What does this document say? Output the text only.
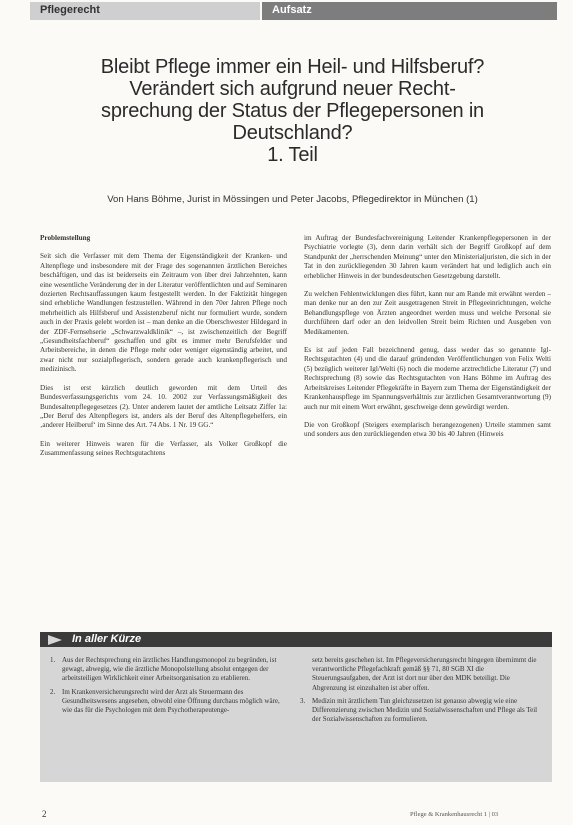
Pflegerecht	Aufsatz
Bleibt Pflege immer ein Heil- und Hilfsberuf?
Verändert sich aufgrund neuer Recht-
sprechung der Status der Pflegepersonen in
Deutschland?
1. Teil
Von Hans Böhme, Jurist in Mössingen und Peter Jacobs, Pflegedirektor in München (1)
Problemstellung

Seit sich die Verfasser mit dem Thema der Eigenständigkeit der Kranken- und Altenpflege und insbesondere mit der Frage des sogenannten ärztlichen Bereiches beschäftigen, und das ist beiderseits ein Zeitraum von über drei Jahrzehnten, kann eine wesentliche Veränderung der in der Literatur veröffentlichten und auf Seminaren dozierten Rechtsauffassungen kaum festgestellt werden. In der Faktizität hingegen sind erhebliche Wandlungen festzustellen. Während in den 70er Jahren Pflege noch mehrheitlich als Hilfsberuf und Assistenzberuf nicht nur formuliert wurde, sondern auch in der Praxis gelebt worden ist – man denke an die Oberschwester Hildegard in der ZDF-Fernsehserie „Schwarzwaldklinik“ –, ist zwischenzeitlich der Begriff „Gesundheitsfachberuf“ geschaffen und gibt es immer mehr Berufsfelder und Arbeitsbereiche, in denen die Pflege mehr oder weniger eigenständig arbeitet, und zwar nicht nur sozialpflegerisch, sondern gerade auch krankenpflegerisch und medizinisch.

Dies ist erst kürzlich deutlich geworden mit dem Urteil des Bundesverfassungsgerichts vom 24. 10. 2002 zur Verfassungsmäßigkeit des Bundesaltenpflegegesetzes (2). Unter anderem lautet der amtliche Leitsatz Ziffer 1a: „Der Beruf des Altenpflegers ist, anders als der Beruf des Altenpflegehelfers, ein ‚anderer Heilberuf‘ im Sinne des Art. 74 Abs. 1 Nr. 19 GG.“

Ein weiterer Hinweis waren für die Verfasser, als Volker Großkopf die Zusammenfassung seines Rechtsgutachtens

im Auftrag der Bundesfachvereinigung Leitender Krankenpflegepersonen in der Psychiatrie vorlegte (3), denn darin verhält sich der Begriff Großkopf auf dem Standpunkt der „herrschenden Meinung“ unter den Ministerialjuristen, die sich in der Tat in den zurückliegenden 30 Jahren kaum verändert hat und lediglich auch ein erheblicher Hinweis in der bundesdeutschen Gesetzgebung darstellt.

Zu welchen Fehlentwicklungen dies führt, kann nur am Rande mit erwähnt werden – man denke nur an den zur Zeit ausgetragenen Streit in Pflegeeinrichtungen, welche Behandlungspflege von Ärzten angeordnet werden muss und welche Personal sie durchführen darf oder an den leidvollen Streit beim Richten und Ausgeben von Medikamenten.

Es ist auf jeden Fall bezeichnend genug, dass weder das so genannte Igl-Rechtsgutachten (4) und die darauf gründenden Veröffentlichungen von Felix Welti (5) bezüglich weiterer Igl/Welti (6) noch die moderne arztrechtliche Literatur (7) und Rechtsprechung (8) sowie das Rechtsgutachten von Hans Böhme im Auftrag des Arbeitskreises Leitender Pflegekräfte in Bayern zum Thema der Eigenständigkeit der Krankenhauspflege im Spannungsverhältnis zur ärztlichen Gesamtverantwortung (9) auch nur mit einem Wort erwähnt, geschweige denn gewürdigt werden.

Die von Großkopf (Steigers exemplarisch herangezogenen) Urteile stammen samt und sonders aus den zurückliegenden etwa 30 bis 40 Jahren (Hinweis

In aller Kürze
1. Aus der Rechtsprechung ein ärztliches Handlungsmonopol zu begründen, ist gewagt, abwegig, wie die ärztliche Monopolstellung absolut entgegen der arbeitsteiligen Wirklichkeit einer Arbeitsorganisation zu etablieren.
2. Im Krankenversicherungsrecht wird der Arzt als Steuermann des Gesundheitswesens angesehen, obwohl eine Öffnung durchaus möglich wäre, wie das für die Psychologen mit dem Psychotherapeutenge-
setz bereits geschehen ist. Im Pflegeversicherungsrecht hingegen übernimmt die verantwortliche Pflegefachkraft gemäß §§ 71, 80 SGB XI die Steuerungsaufgaben, der Arzt ist dort nur über den MDK beteiligt. Die Abgrenzung ist einzuhalten ist aber offen.
3. Medizin mit ärztlichem Tun gleichzusetzen ist genauso abwegig wie eine Differenzierung zwischen Medizin und Sozialwissenschaften und Pflege als Teil der Sozialwissenschaften zu formulieren.
2	Pflege & Krankenhausrecht 1 | 03
